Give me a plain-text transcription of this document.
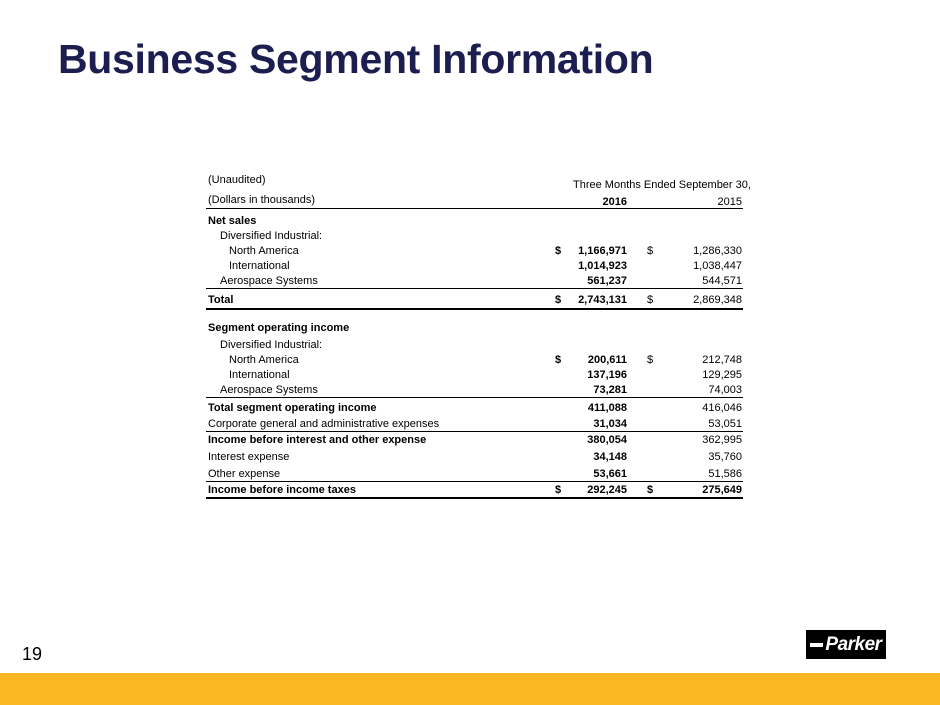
Business Segment Information
(Unaudited)	Three Months Ended September 30,
(Dollars in thousands)	2016	2015
Net sales
Diversified Industrial:
North America	$ 1,166,971 $	1,286,330
International	1,014,923	1,038,447
Aerospace Systems	561,237	544,571
Total	$ 2,743,131 $	2,869,348
Segment operating income
Diversified Industrial:
North America	$ 200,611 $	212,748
International	137,196	129,295
Aerospace Systems	73,281	74,003
Total segment operating income	411,088	416,046
Corporate general and administrative expenses	31,034	53,051
Income before interest and other expense	380,054	362,995
Interest expense	34,148	35,760
Other expense	53,661	51,586
Income before income taxes	$ 292,245 $	275,649
19	Parker
